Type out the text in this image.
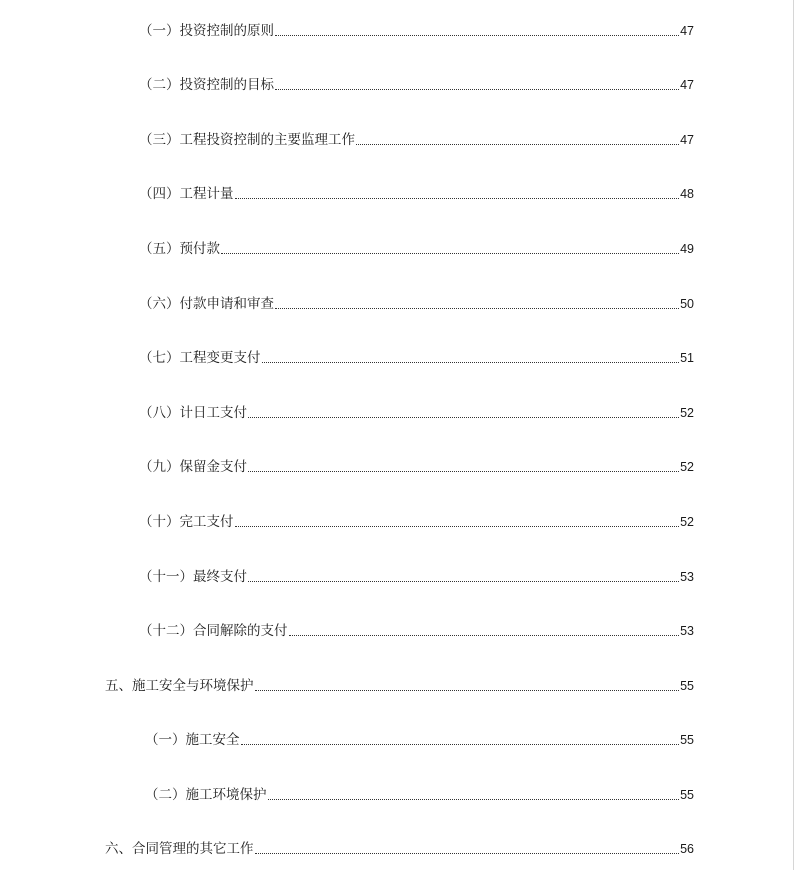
（一）投资控制的原则	47
（二）投资控制的目标	47
（三）工程投资控制的主要监理工作	47
（四）工程计量	48
（五）预付款	49
（六）付款申请和审查	50
（七）工程变更支付	51
（八）计日工支付	52
（九）保留金支付	52
（十）完工支付	52
（十一）最终支付	53
（十二）合同解除的支付	53
五、施工安全与环境保护	55
（一）施工安全	55
（二）施工环境保护	55
六、合同管理的其它工作	56
